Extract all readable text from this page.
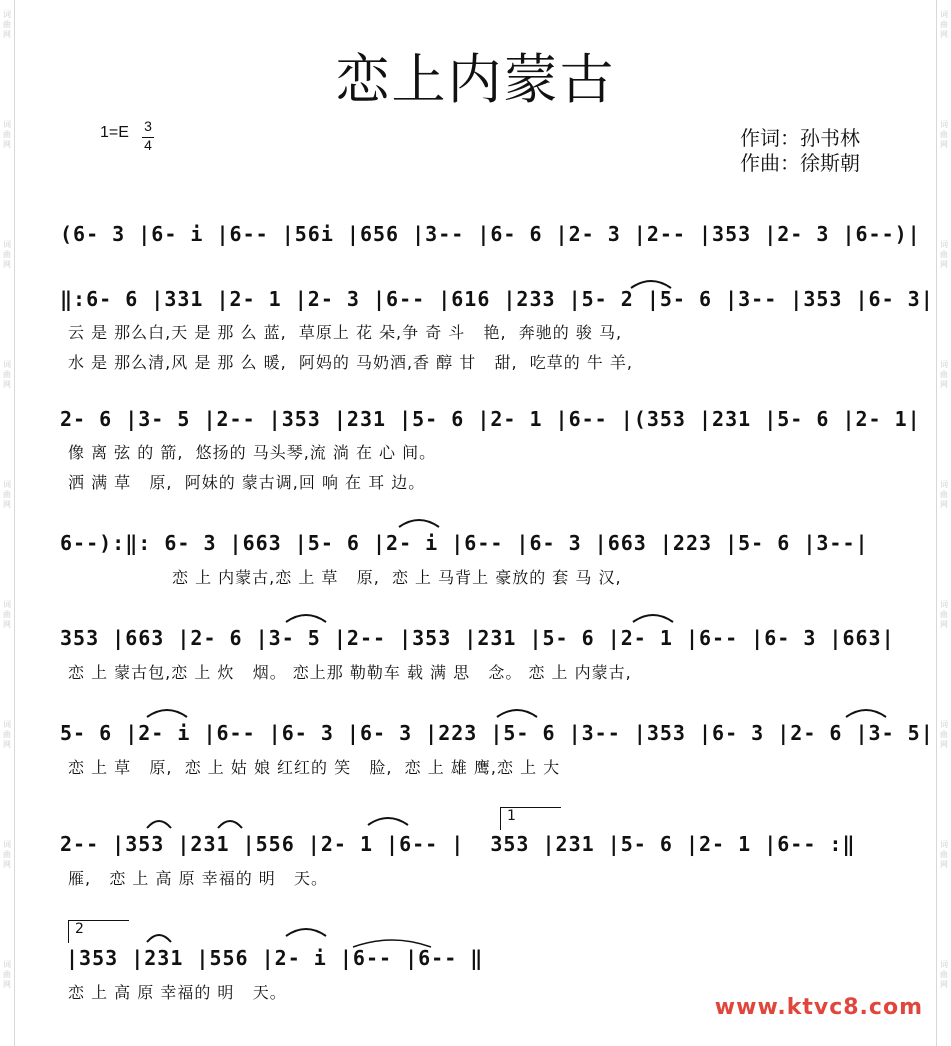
词
曲
网
词
曲
网
词
曲
网
词
曲
网
词
曲
网
词
曲
网
词
曲
网
词
曲
网
词
曲
网
词
曲
网
词
曲
网
词
曲
网
词
曲
网
词
曲
网
词
曲
网
词
曲
网
词
曲
网
词
曲
网
恋上内蒙古
1=E 3
4	作词：孙书林
作曲：徐斯朝
(6- 3 |6- i |6-- |56i |656 |3-- |6- 6 |2- 3 |2-- |353 |2- 3 |6--)|
‖:6- 6 |331 |2- 1 |2- 3 |6-- |616 |233 |5- 2 |5- 6 |3-- |353 |6- 3|
云 是 那么白,天 是 那 么 蓝,  草原上 花 朵,争 奇 斗   艳,  奔驰的 骏 马,
水 是 那么清,风 是 那 么 暖,  阿妈的 马奶酒,香 醇 甘   甜,  吃草的 牛 羊,
2- 6 |3- 5 |2-- |353 |231 |5- 6 |2- 1 |6-- |(353 |231 |5- 6 |2- 1|
像 离 弦 的 箭,  悠扬的 马头琴,流 淌 在 心 间。
洒 满 草   原,  阿妹的 蒙古调,回 响 在 耳 边。
6--):‖: 6- 3 |663 |5- 6 |2- i |6-- |6- 3 |663 |223 |5- 6 |3--|
恋 上 内蒙古,恋 上 草   原,  恋 上 马背上 豪放的 套 马 汉,
353 |663 |2- 6 |3- 5 |2-- |353 |231 |5- 6 |2- 1 |6-- |6- 3 |663|
恋 上 蒙古包,恋 上 炊   烟。 恋上那 勒勒车 载 满 思   念。 恋 上 内蒙古,
5- 6 |2- i |6-- |6- 3 |6- 3 |223 |5- 6 |3-- |353 |6- 3 |2- 6 |3- 5|
恋 上 草   原,  恋 上 姑 娘 红红的 笑   脸,  恋 上 雄 鹰,恋 上 大
1
2-- |353 |231 |556 |2- 1 |6-- |  353 |231 |5- 6 |2- 1 |6-- :‖
雁,   恋 上 高 原 幸福的 明   天。
2
|353 |231 |556 |2- i |6-- |6-- ‖
恋 上 高 原 幸福的 明   天。
www.ktvc8.com
